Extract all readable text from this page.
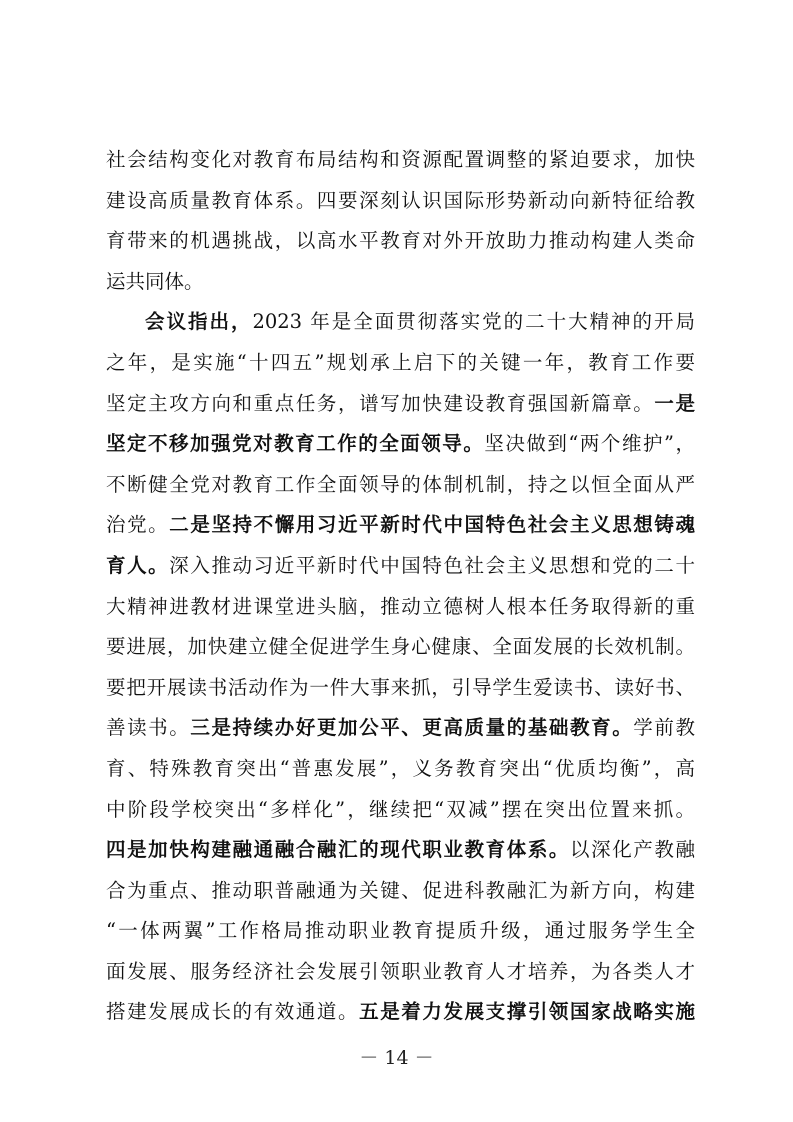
社会结构变化对教育布局结构和资源配置调整的紧迫要求，加快
建设高质量教育体系。四要深刻认识国际形势新动向新特征给教
育带来的机遇挑战，以高水平教育对外开放助力推动构建人类命
运共同体。
会议指出，2023 年是全面贯彻落实党的二十大精神的开局
之年，是实施“十四五”规划承上启下的关键一年，教育工作要
坚定主攻方向和重点任务，谱写加快建设教育强国新篇章。一是
坚定不移加强党对教育工作的全面领导。坚决做到“两个维护”，
不断健全党对教育工作全面领导的体制机制，持之以恒全面从严
治党。二是坚持不懈用习近平新时代中国特色社会主义思想铸魂
育人。深入推动习近平新时代中国特色社会主义思想和党的二十
大精神进教材进课堂进头脑，推动立德树人根本任务取得新的重
要进展，加快建立健全促进学生身心健康、全面发展的长效机制。
要把开展读书活动作为一件大事来抓，引导学生爱读书、读好书、
善读书。三是持续办好更加公平、更高质量的基础教育。学前教
育、特殊教育突出“普惠发展”，义务教育突出“优质均衡”，高
中阶段学校突出“多样化”，继续把“双减”摆在突出位置来抓。
四是加快构建融通融合融汇的现代职业教育体系。以深化产教融
合为重点、推动职普融通为关键、促进科教融汇为新方向，构建
“一体两翼”工作格局推动职业教育提质升级，通过服务学生全
面发展、服务经济社会发展引领职业教育人才培养，为各类人才
搭建发展成长的有效通道。五是着力发展支撑引领国家战略实施
－ 14 －
